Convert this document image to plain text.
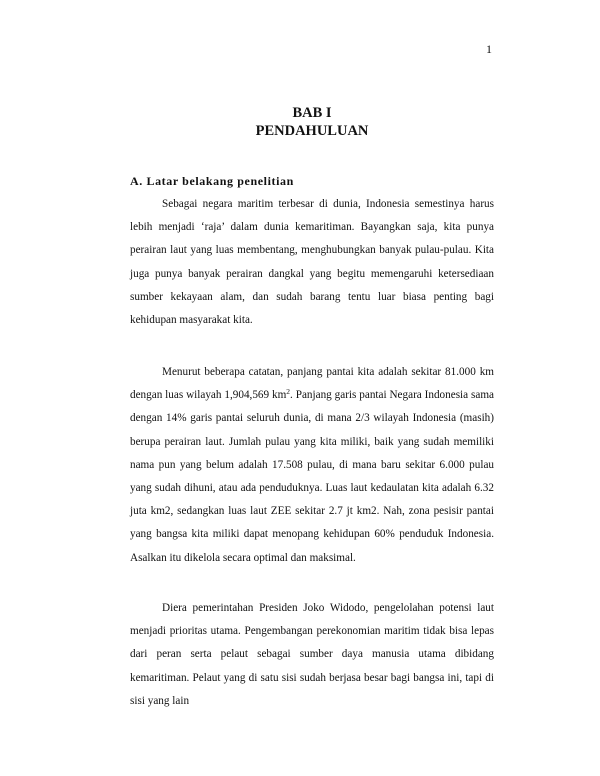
1
BAB I
PENDAHULUAN
A. Latar belakang penelitian

Sebagai negara maritim terbesar di dunia, Indonesia semestinya harus lebih menjadi ‘raja’ dalam dunia kemaritiman. Bayangkan saja, kita punya perairan laut yang luas membentang, menghubungkan banyak pulau-pulau. Kita juga punya banyak perairan dangkal yang begitu memengaruhi ketersediaan sumber kekayaan alam, dan sudah barang tentu luar biasa penting bagi kehidupan masyarakat kita.

Menurut beberapa catatan, panjang pantai kita adalah sekitar 81.000 km dengan luas wilayah 1,904,569 $km^2$. Panjang garis pantai Negara Indonesia sama dengan 14% garis pantai seluruh dunia, di mana 2/3 wilayah Indonesia (masih) berupa perairan laut. Jumlah pulau yang kita miliki, baik yang sudah memiliki nama pun yang belum adalah 17.508 pulau, di mana baru sekitar 6.000 pulau yang sudah dihuni, atau ada penduduknya. Luas laut kedaulatan kita adalah 6.32 juta km2, sedangkan luas laut ZEE sekitar 2.7 jt km2. Nah, zona pesisir pantai yang bangsa kita miliki dapat menopang kehidupan 60% penduduk Indonesia. Asalkan itu dikelola secara optimal dan maksimal.

Diera pemerintahan Presiden Joko Widodo, pengelolahan potensi laut menjadi prioritas utama. Pengembangan perekonomian maritim tidak bisa lepas dari peran serta pelaut sebagai sumber daya manusia utama dibidang kemaritiman. Pelaut yang di satu sisi sudah berjasa besar bagi bangsa ini, tapi di sisi yang lain
